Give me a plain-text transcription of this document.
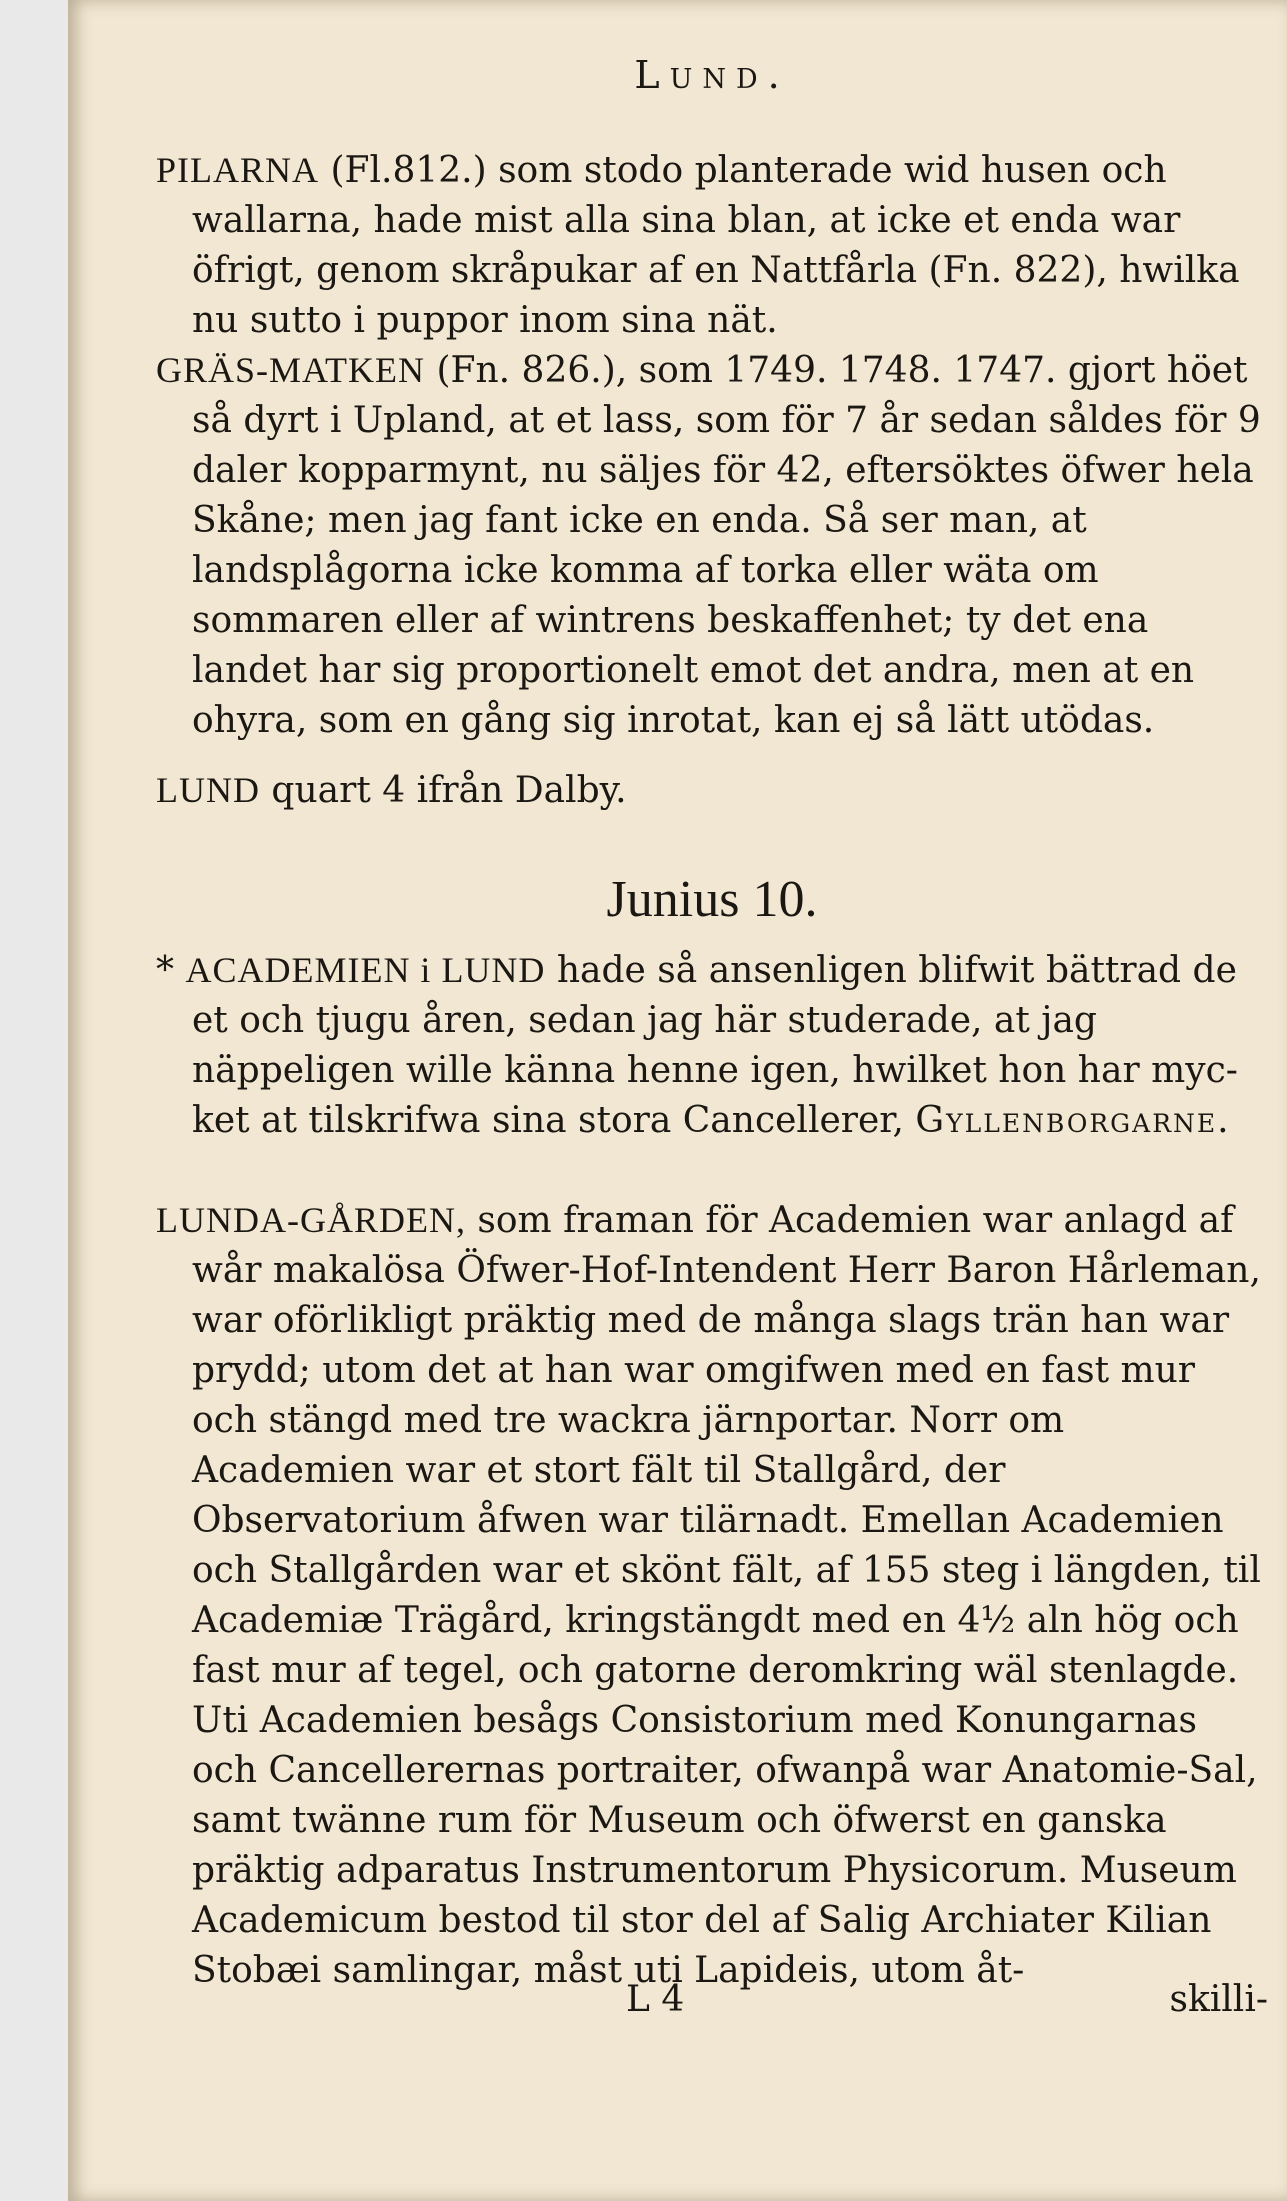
Lund.
PILARNA (Fl.812.) som stodo planterade wid husen och wallarna, hade mist alla sina blan, at icke et enda war öfrigt, genom skråpukar af en Nattfårla (Fn. 822), hwilka nu sutto i puppor inom sina nät.
GRÄS-MATKEN (Fn. 826.), som 1749. 1748. 1747. gjort höet så dyrt i Upland, at et lass, som för 7 år sedan såldes för 9 daler kopparmynt, nu säljes för 42, eftersöktes öfwer hela Skåne; men jag fant icke en enda. Så ser man, at landsplågorna icke komma af torka eller wäta om sommaren eller af wintrens beskaffenhet; ty det ena landet har sig proportionelt emot det andra, men at en ohyra, som en gång sig inrotat, kan ej så lätt utödas.
LUND quart 4 ifrån Dalby.
Junius 10.
* ACADEMIEN i LUND hade så ansenligen blifwit bättrad de et och tjugu åren, sedan jag här studerade, at jag näppeligen wille känna henne igen, hwilket hon har myc-ket at tilskrifwa sina stora Cancellerer, Gyllenborgarne.
LUNDA-GÅRDEN, som framan för Academien war anlagd af wår makalösa Öfwer-Hof-Intendent Herr Baron Hårleman, war oförlikligt präktig med de många slags trän han war prydd; utom det at han war omgifwen med en fast mur och stängd med tre wackra järnportar. Norr om Academien war et stort fält til Stallgård, der Observatorium åfwen war tilärnadt. Emellan Academien och Stallgården war et skönt fält, af 155 steg i längden, til Academiæ Trägård, kringstängdt med en 4½ aln hög och fast mur af tegel, och gatorne deromkring wäl stenlagde. Uti Academien besågs Consistorium med Konungarnas och Cancellerernas portraiter, ofwanpå war Anatomie-Sal, samt twänne rum för Museum och öfwerst en ganska präktig adparatus Instrumentorum Physicorum. Museum Academicum bestod til stor del af Salig Archiater Kilian Stobæi samlingar, måst uti Lapideis, utom åt-
L 4	skilli-
